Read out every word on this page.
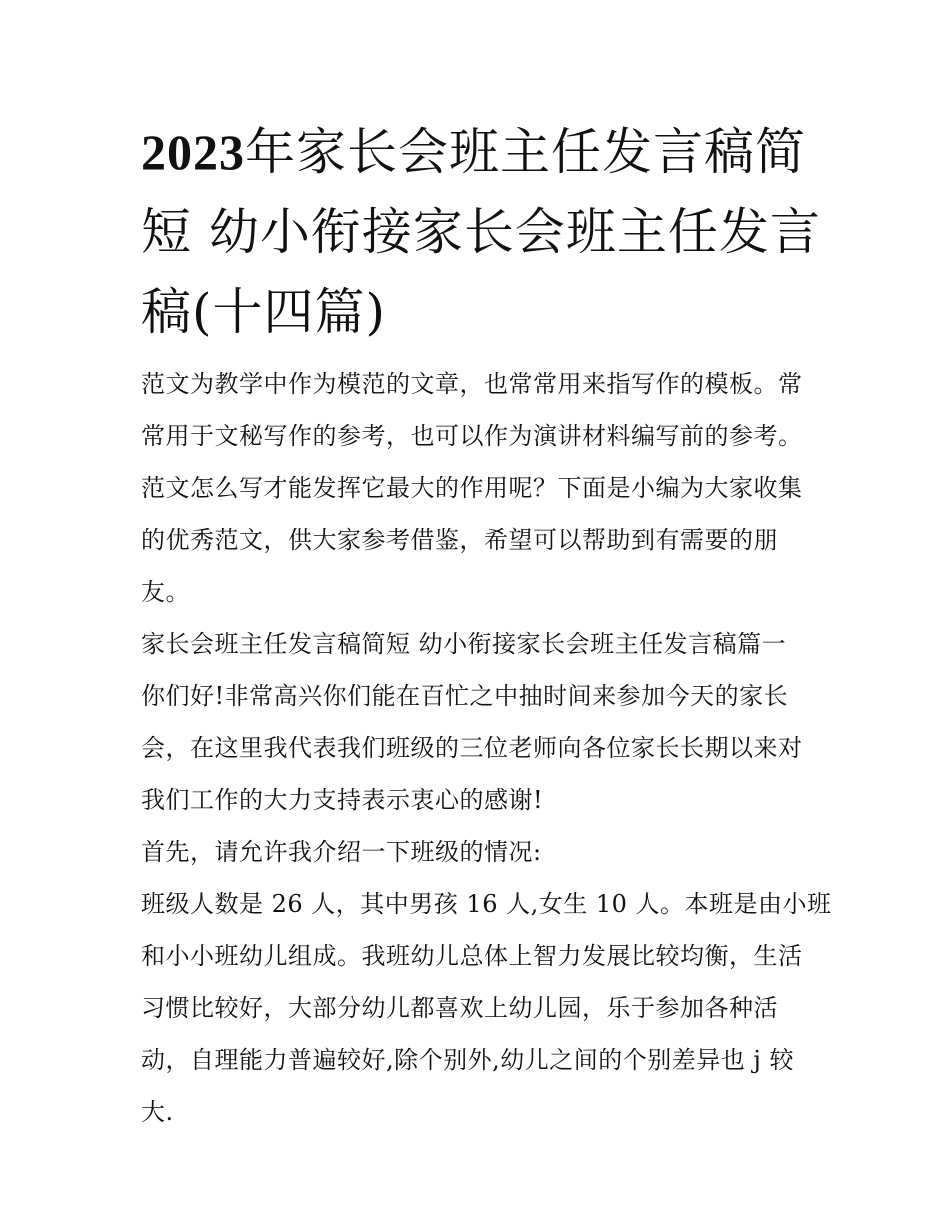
2023年家长会班主任发言稿简
短 幼小衔接家长会班主任发言
稿(十四篇)
范文为教学中作为模范的文章，也常常用来指写作的模板。常
常用于文秘写作的参考，也可以作为演讲材料编写前的参考。
范文怎么写才能发挥它最大的作用呢？下面是小编为大家收集
的优秀范文，供大家参考借鉴，希望可以帮助到有需要的朋
友。
家长会班主任发言稿简短 幼小衔接家长会班主任发言稿篇一
你们好!非常高兴你们能在百忙之中抽时间来参加今天的家长
会，在这里我代表我们班级的三位老师向各位家长长期以来对
我们工作的大力支持表示衷心的感谢!
首先，请允许我介绍一下班级的情况:
班级人数是 26 人，其中男孩 16 人,女生 10 人。本班是由小班
和小小班幼儿组成。我班幼儿总体上智力发展比较均衡，生活
习惯比较好，大部分幼儿都喜欢上幼儿园，乐于参加各种活
动，自理能力普遍较好,除个别外,幼儿之间的个别差异也 j 较
大.
